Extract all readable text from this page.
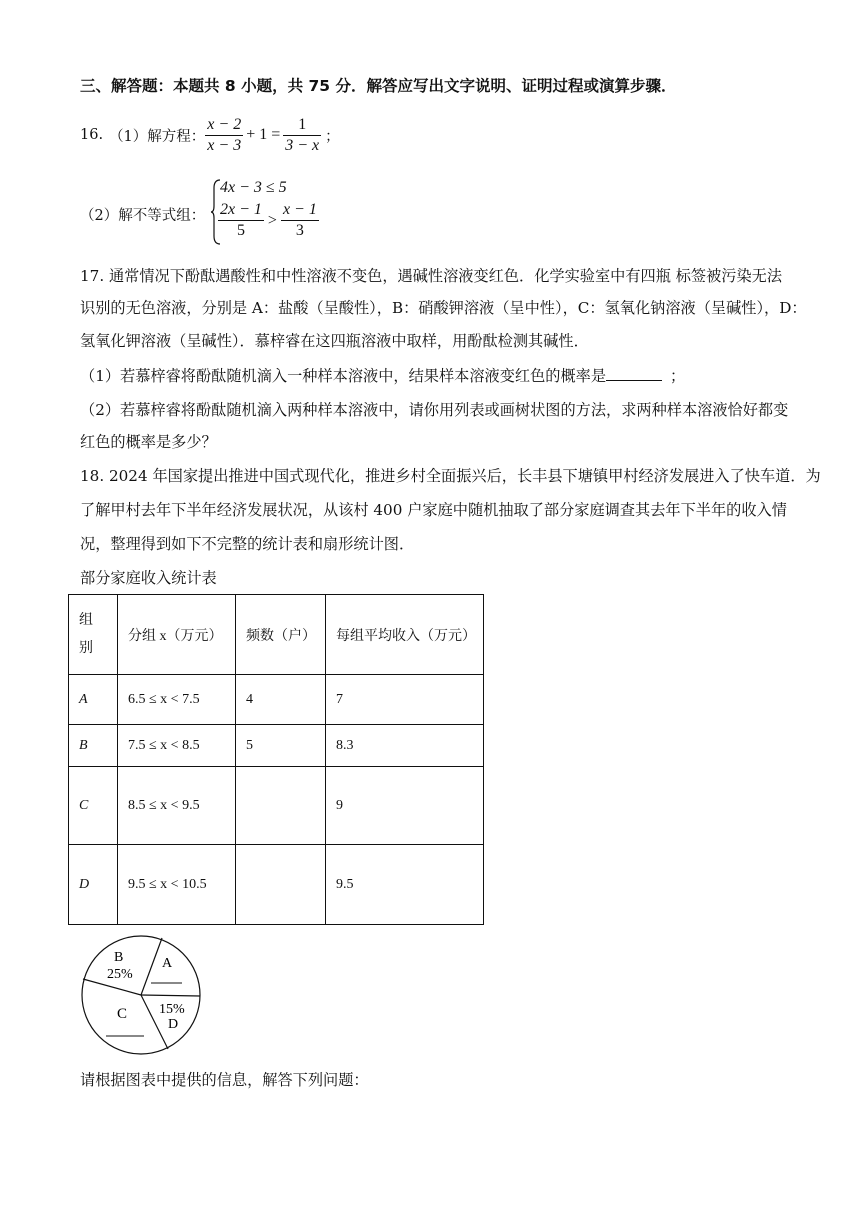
三、解答题：本题共 8 小题，共 75 分．解答应写出文字说明、证明过程或演算步骤．
16. （1）解方程： $\frac{x - 2}{x - 3} + 1 = \frac{1}{3 - x}$ ；
（2）解不等式组：
4x − 3 ≤ 5
$\frac{2x - 1}{5} > \frac{x - 1}{3}$
17. 通常情况下酚酞遇酸性和中性溶液不变色，遇碱性溶液变红色．化学实验室中有四瓶 标签被污染无法
识别的无色溶液，分别是 A：盐酸（呈酸性），B：硝酸钾溶液（呈中性），C：氢氧化钠溶液（呈碱性），D：
氢氧化钾溶液（呈碱性）．慕梓睿在这四瓶溶液中取样，用酚酞检测其碱性．
（1）若慕梓睿将酚酞随机滴入一种样本溶液中，结果样本溶液变红色的概率是	；
（2）若慕梓睿将酚酞随机滴入两种样本溶液中，请你用列表或画树状图的方法，求两种样本溶液恰好都变
红色的概率是多少？
18. 2024 年国家提出推进中国式现代化，推进乡村全面振兴后，长丰县下塘镇甲村经济发展进入了快车道．为
了解甲村去年下半年经济发展状况，从该村 400 户家庭中随机抽取了部分家庭调查其去年下半年的收入情
况，整理得到如下不完整的统计表和扇形统计图．
部分家庭收入统计表
组别	分组 x（万元）	频数（户）	每组平均收入（万元）
A	6.5 ≤ x < 7.5	4	7
B	7.5 ≤ x < 8.5	5	8.3
C	8.5 ≤ x < 9.5		9
D	9.5 ≤ x < 10.5		9.5
B
25%
A
15%
D
C
请根据图表中提供的信息，解答下列问题：
